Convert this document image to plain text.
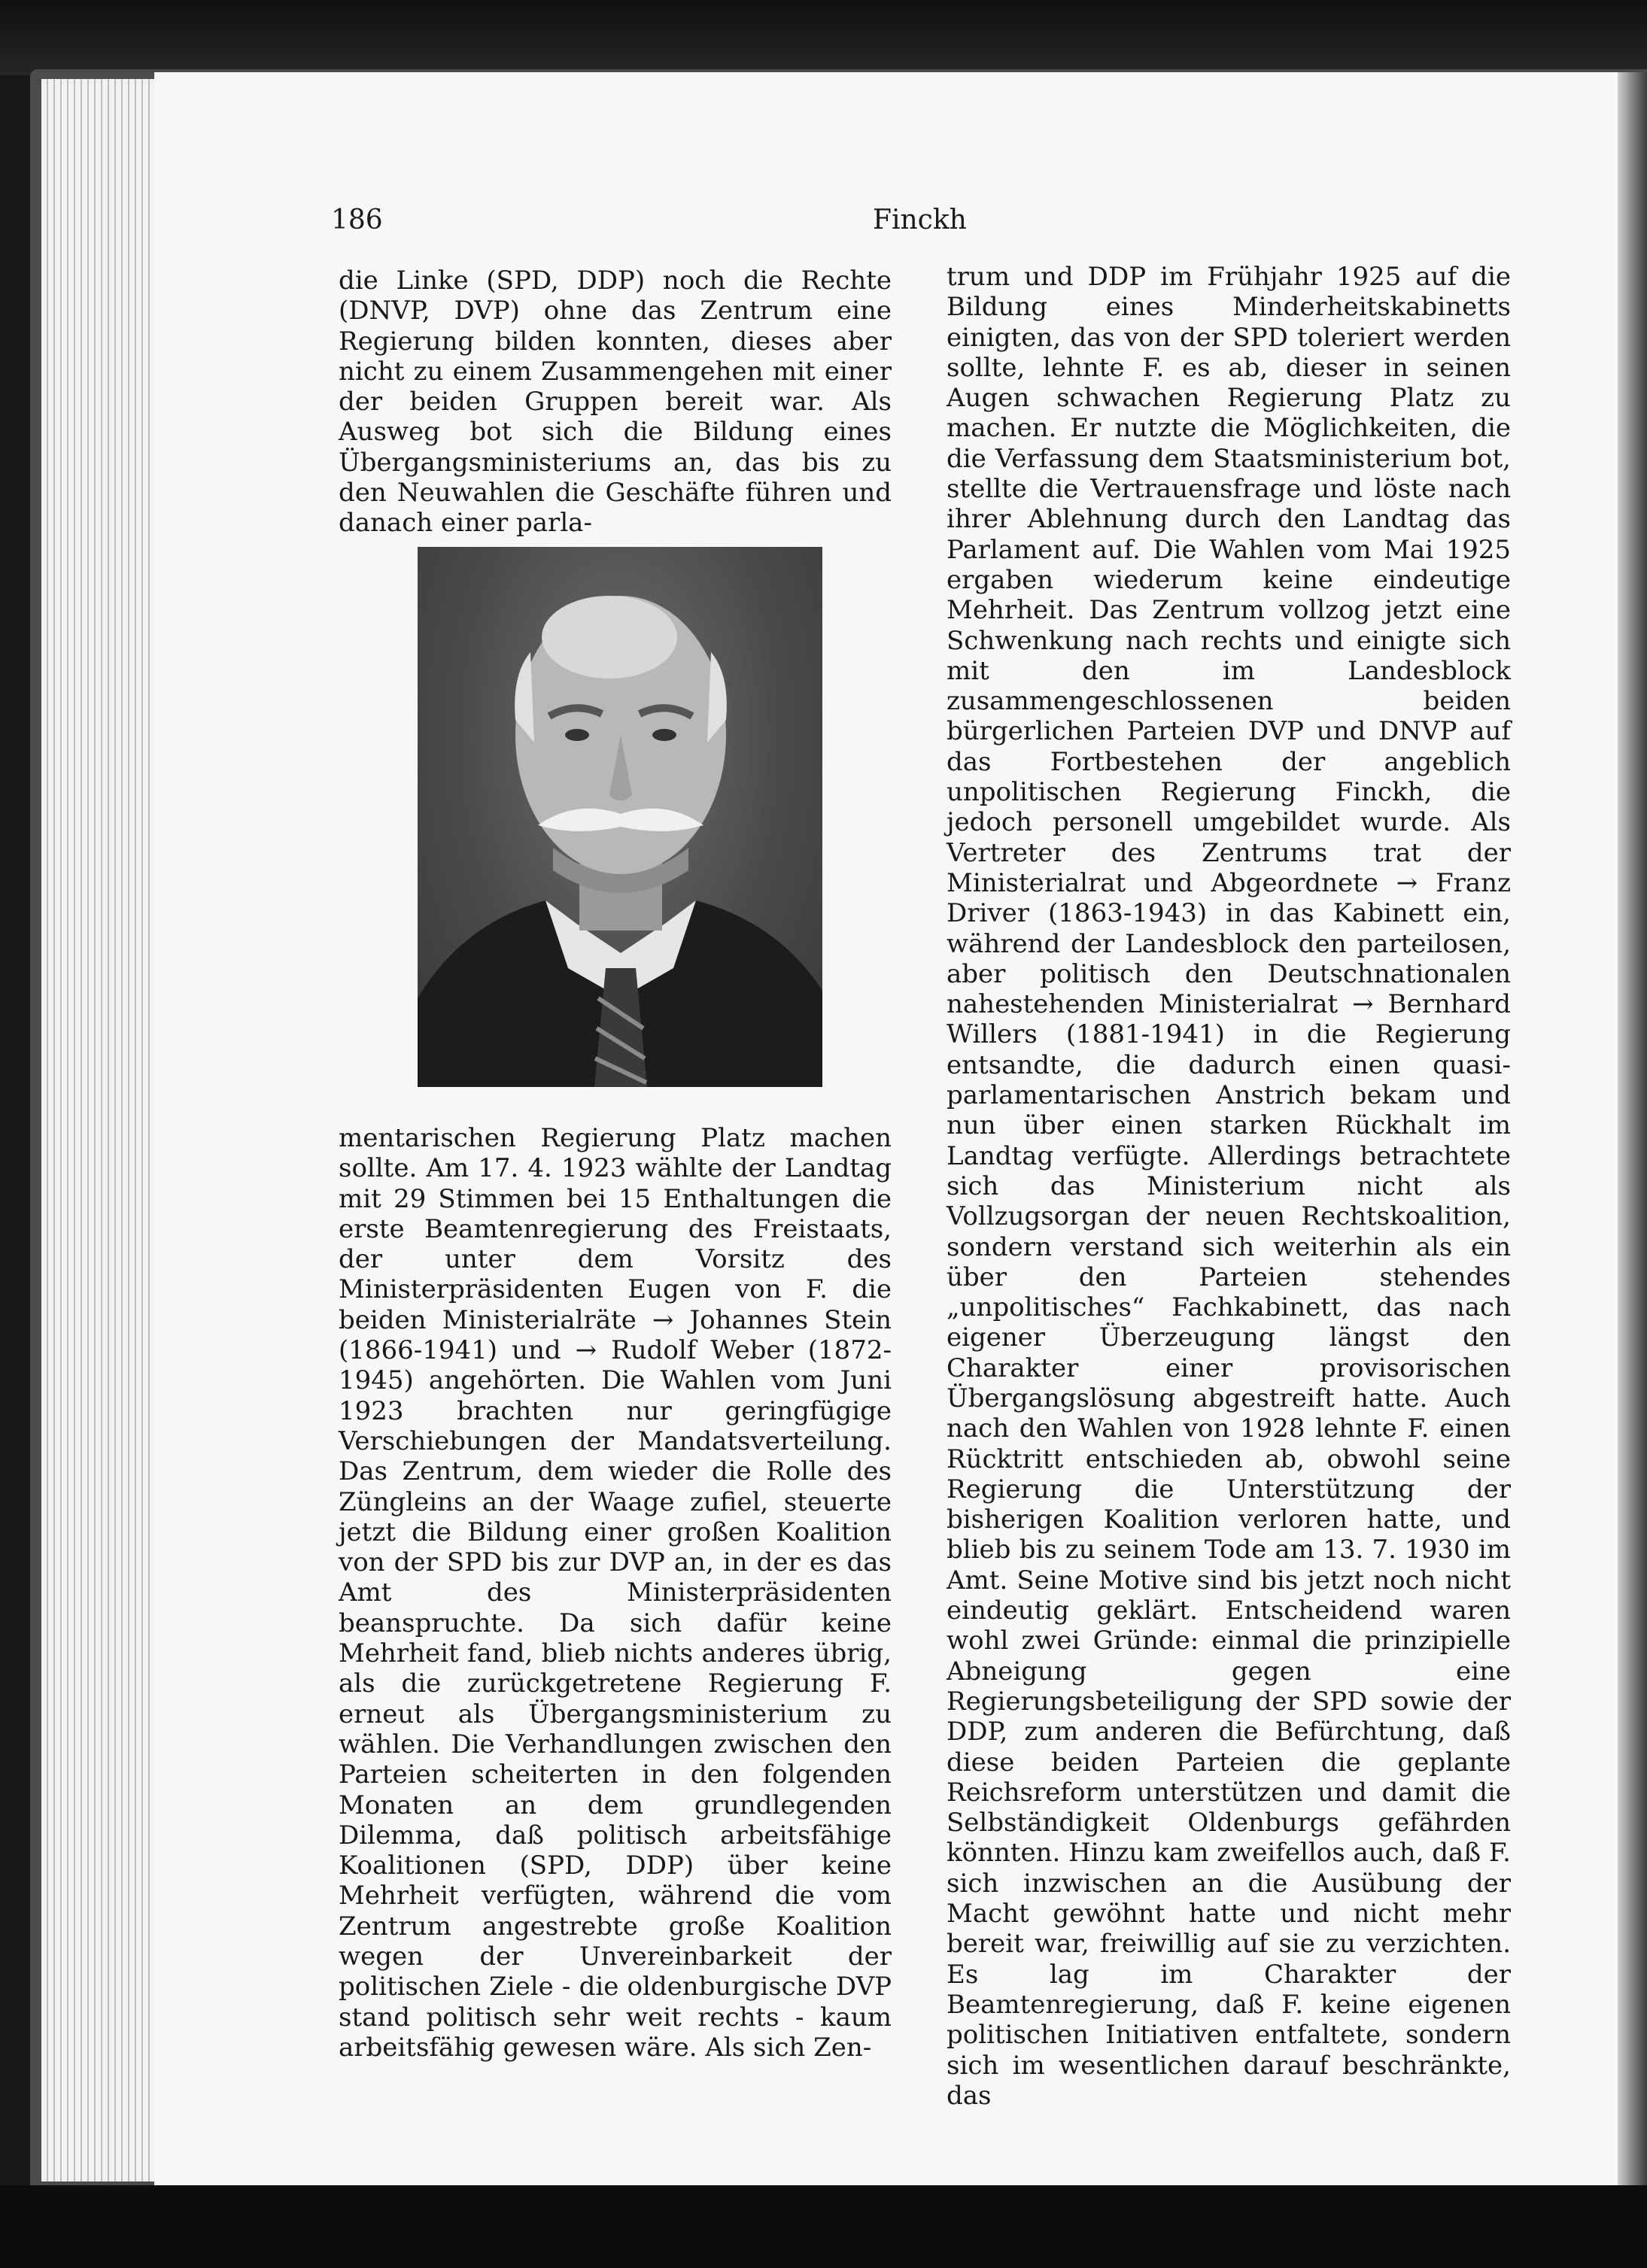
186	Finckh

die Linke (SPD, DDP) noch die Rechte (DNVP, DVP) ohne das Zentrum eine Regierung bilden konnten, dieses aber nicht zu einem Zusammengehen mit einer der beiden Gruppen bereit war. Als Ausweg bot sich die Bildung eines Übergangsministeriums an, das bis zu den Neuwahlen die Geschäfte führen und danach einer parla-

mentarischen Regierung Platz machen sollte. Am 17. 4. 1923 wählte der Landtag mit 29 Stimmen bei 15 Enthaltungen die erste Beamtenregierung des Freistaats, der unter dem Vorsitz des Ministerpräsidenten Eugen von F. die beiden Ministerialräte → Johannes Stein (1866-1941) und → Rudolf Weber (1872-1945) angehörten. Die Wahlen vom Juni 1923 brachten nur geringfügige Verschiebungen der Mandatsverteilung. Das Zentrum, dem wieder die Rolle des Züngleins an der Waage zufiel, steuerte jetzt die Bildung einer großen Koalition von der SPD bis zur DVP an, in der es das Amt des Ministerpräsidenten beanspruchte. Da sich dafür keine Mehrheit fand, blieb nichts anderes übrig, als die zurückgetretene Regierung F. erneut als Übergangsministerium zu wählen. Die Verhandlungen zwischen den Parteien scheiterten in den folgenden Monaten an dem grundlegenden Dilemma, daß politisch arbeitsfähige Koalitionen (SPD, DDP) über keine Mehrheit verfügten, während die vom Zentrum angestrebte große Koalition wegen der Unvereinbarkeit der politischen Ziele - die oldenburgische DVP stand politisch sehr weit rechts - kaum arbeitsfähig gewesen wäre. Als sich Zen-

trum und DDP im Frühjahr 1925 auf die Bildung eines Minderheitskabinetts einigten, das von der SPD toleriert werden sollte, lehnte F. es ab, dieser in seinen Augen schwachen Regierung Platz zu machen. Er nutzte die Möglichkeiten, die die Verfassung dem Staatsministerium bot, stellte die Vertrauensfrage und löste nach ihrer Ablehnung durch den Landtag das Parlament auf. Die Wahlen vom Mai 1925 ergaben wiederum keine eindeutige Mehrheit. Das Zentrum vollzog jetzt eine Schwenkung nach rechts und einigte sich mit den im Landesblock zusammengeschlossenen beiden bürgerlichen Parteien DVP und DNVP auf das Fortbestehen der angeblich unpolitischen Regierung Finckh, die jedoch personell umgebildet wurde. Als Vertreter des Zentrums trat der Ministerialrat und Abgeordnete → Franz Driver (1863-1943) in das Kabinett ein, während der Landesblock den parteilosen, aber politisch den Deutschnationalen nahestehenden Ministerialrat → Bernhard Willers (1881-1941) in die Regierung entsandte, die dadurch einen quasi-parlamentarischen Anstrich bekam und nun über einen starken Rückhalt im Landtag verfügte. Allerdings betrachtete sich das Ministerium nicht als Vollzugsorgan der neuen Rechtskoalition, sondern verstand sich weiterhin als ein über den Parteien stehendes „unpolitisches“ Fachkabinett, das nach eigener Überzeugung längst den Charakter einer provisorischen Übergangslösung abgestreift hatte. Auch nach den Wahlen von 1928 lehnte F. einen Rücktritt entschieden ab, obwohl seine Regierung die Unterstützung der bisherigen Koalition verloren hatte, und blieb bis zu seinem Tode am 13. 7. 1930 im Amt. Seine Motive sind bis jetzt noch nicht eindeutig geklärt. Entscheidend waren wohl zwei Gründe: einmal die prinzipielle Abneigung gegen eine Regierungsbeteiligung der SPD sowie der DDP, zum anderen die Befürchtung, daß diese beiden Parteien die geplante Reichsreform unterstützen und damit die Selbständigkeit Oldenburgs gefährden könnten. Hinzu kam zweifellos auch, daß F. sich inzwischen an die Ausübung der Macht gewöhnt hatte und nicht mehr bereit war, freiwillig auf sie zu verzichten. Es lag im Charakter der Beamtenregierung, daß F. keine eigenen politischen Initiativen entfaltete, sondern sich im wesentlichen darauf beschränkte, das
